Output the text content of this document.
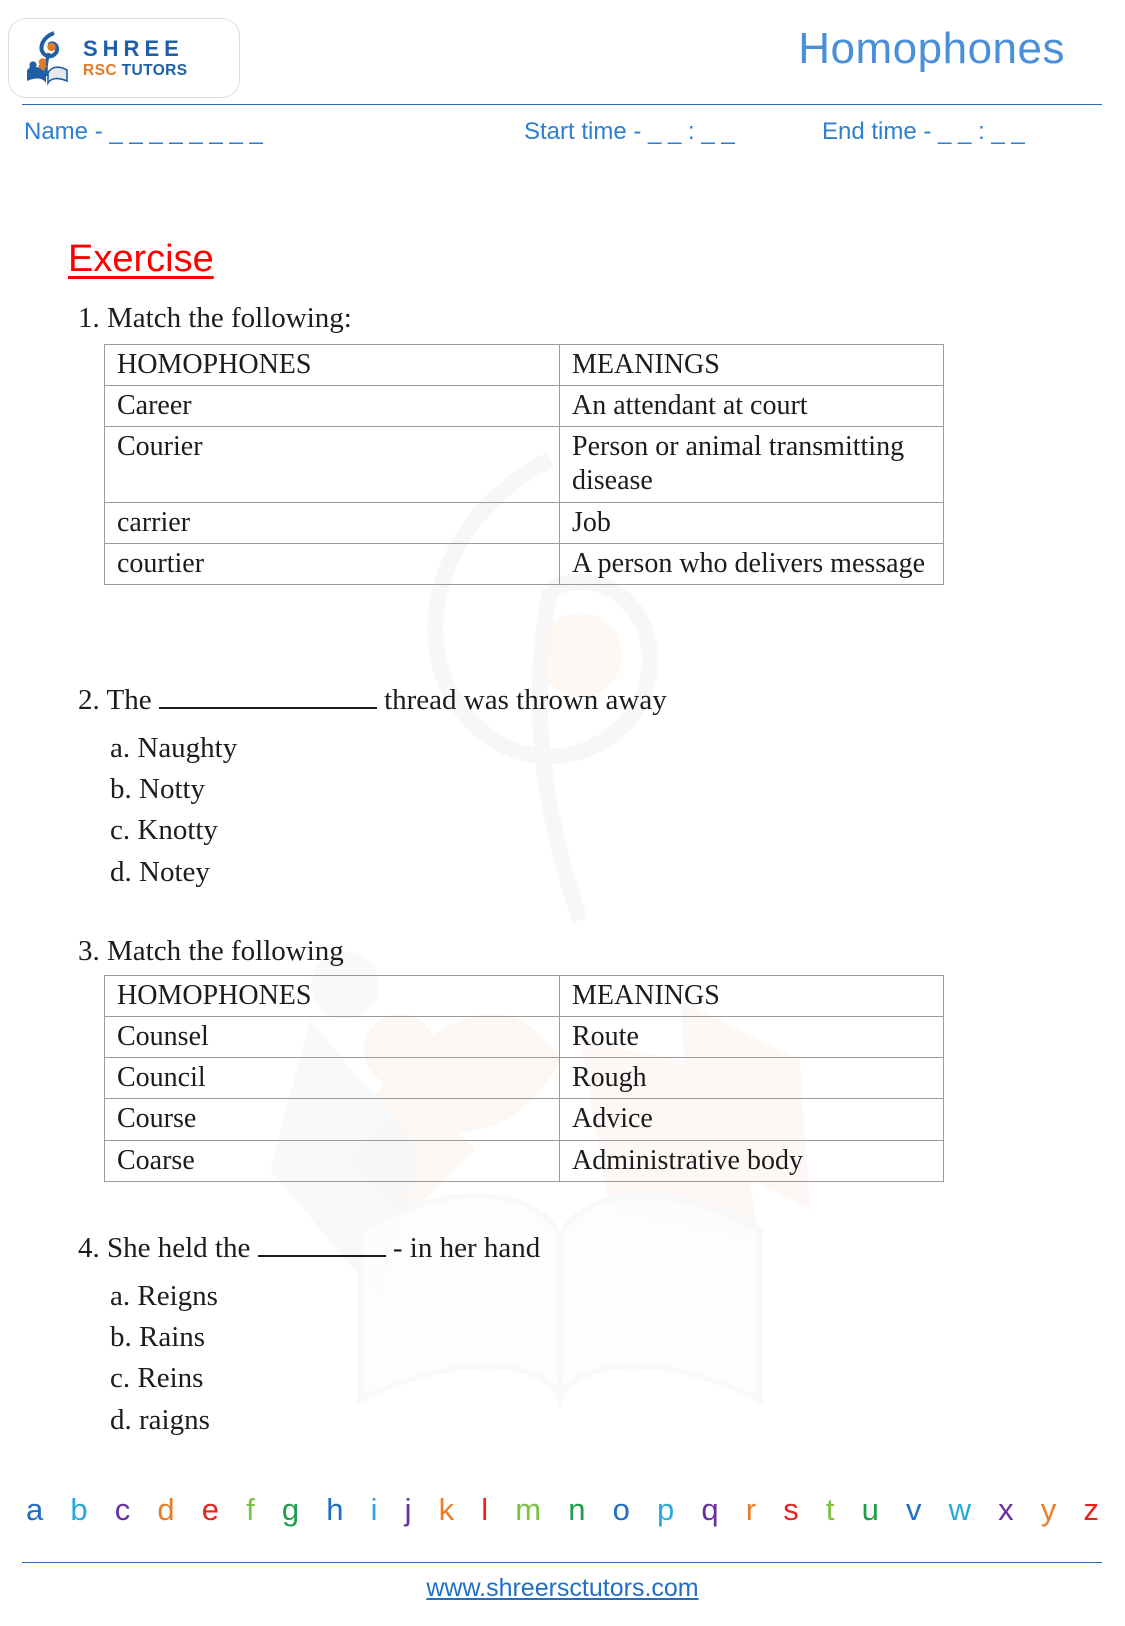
SHREE
RSC TUTORS	Homophones
Name - _ _ _ _ _ _ _ _	Start time - _ _ : _ _	End time - _ _ : _ _
Exercise
1. Match the following:
HOMOPHONES	MEANINGS
Career	An attendant at court
Courier	Person or animal transmitting disease
carrier	Job
courtier	A person who delivers message
2. The	thread was thrown away
a. Naughty
b. Notty
c. Knotty
d. Notey
3. Match the following
HOMOPHONES	MEANINGS
Counsel	Route
Council	Rough
Course	Advice
Coarse	Administrative body
4. She held the	- in her hand
a. Reigns
b. Rains
c. Reins
d. raigns
a b c d e f g h i j k l m n o p q r s t u v w x y z
www.shreersctutors.com
